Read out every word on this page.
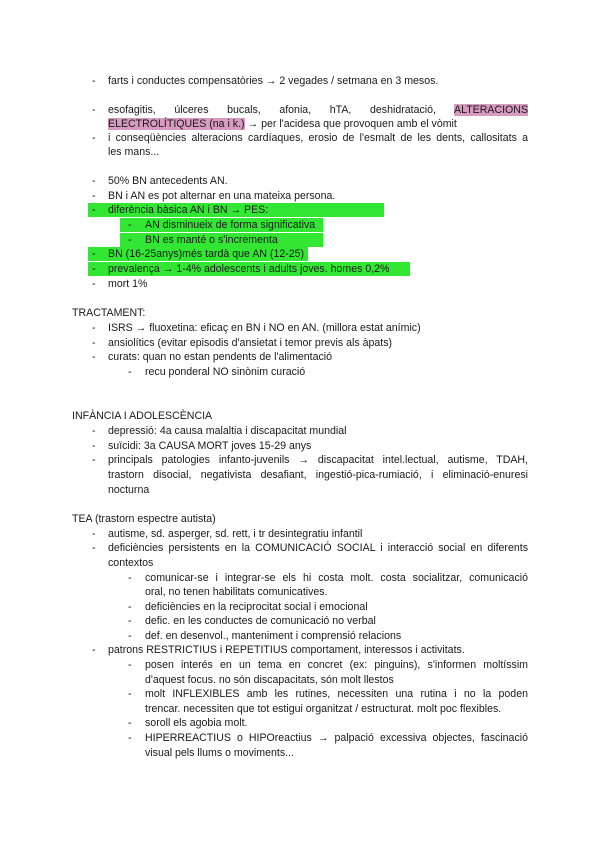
- farts i conductes compensatòries → 2 vegades / setmana en 3 mesos.
- esofagitis, úlceres bucals, afonia, hTA, deshidratació, ALTERACIONS
ELECTROLÍTIQUES (na i k.) → per l'acidesa que provoquen amb el vòmit
- i conseqüències alteracions cardíaques, erosio de l'esmalt de les dents, callositats a
les mans...
- 50% BN antecedents AN.
- BN i AN es pot alternar en una mateixa persona.
- diferència bàsica AN i BN → PES:
- AN disminueix de forma significativa
- BN es manté o s'incrementa
- BN (16-25anys)més tardà que AN (12-25)
- prevalença → 1-4% adolescents i adults joves. homes 0,2%
- mort 1%
TRACTAMENT:
- ISRS → fluoxetina: eficaç en BN i NO en AN. (millora estat anímic)
- ansiolítics (evitar episodis d'ansietat i temor previs als àpats)
- curats: quan no estan pendents de l'alimentació
- recu ponderal NO sinònim curació
INFÀNCIA I ADOLESCÈNCIA
- depressió: 4a causa malaltia i discapacitat mundial
- suïcidi: 3a CAUSA MORT joves 15-29 anys
- principals patologies infanto-juvenils → discapacitat intel.lectual, autisme, TDAH,
trastorn disocial, negativista desafiant, ingestió-pica-rumiació, i eliminació-enuresi
nocturna
TEA (trastorn espectre autista)
- autisme, sd. asperger, sd. rett, i tr desintegratiu infantil
- deficiències persistents en la COMUNICACIÓ SOCIAL i interacció social en diferents
contextos
- comunicar-se i integrar-se els hi costa molt. costa socialitzar, comunicació
oral, no tenen habilitats comunicatives.
- deficiències en la reciprocitat social i emocional
- defic. en les conductes de comunicació no verbal
- def. en desenvol., manteniment i comprensió relacions
- patrons RESTRICTIUS i REPETITIUS comportament, interessos i activitats.
- posen interés en un tema en concret (ex: pinguins), s'informen moltíssim
d'aquest focus. no són discapacitats, són molt llestos
- molt INFLEXIBLES amb les rutines, necessiten una rutina i no la poden
trencar. necessiten que tot estigui organitzat / estructurat. molt poc flexibles.
- soroll els agobia molt.
- HIPERREACTIUS o HIPOreactius → palpació excessiva objectes, fascinació
visual pels llums o moviments...
